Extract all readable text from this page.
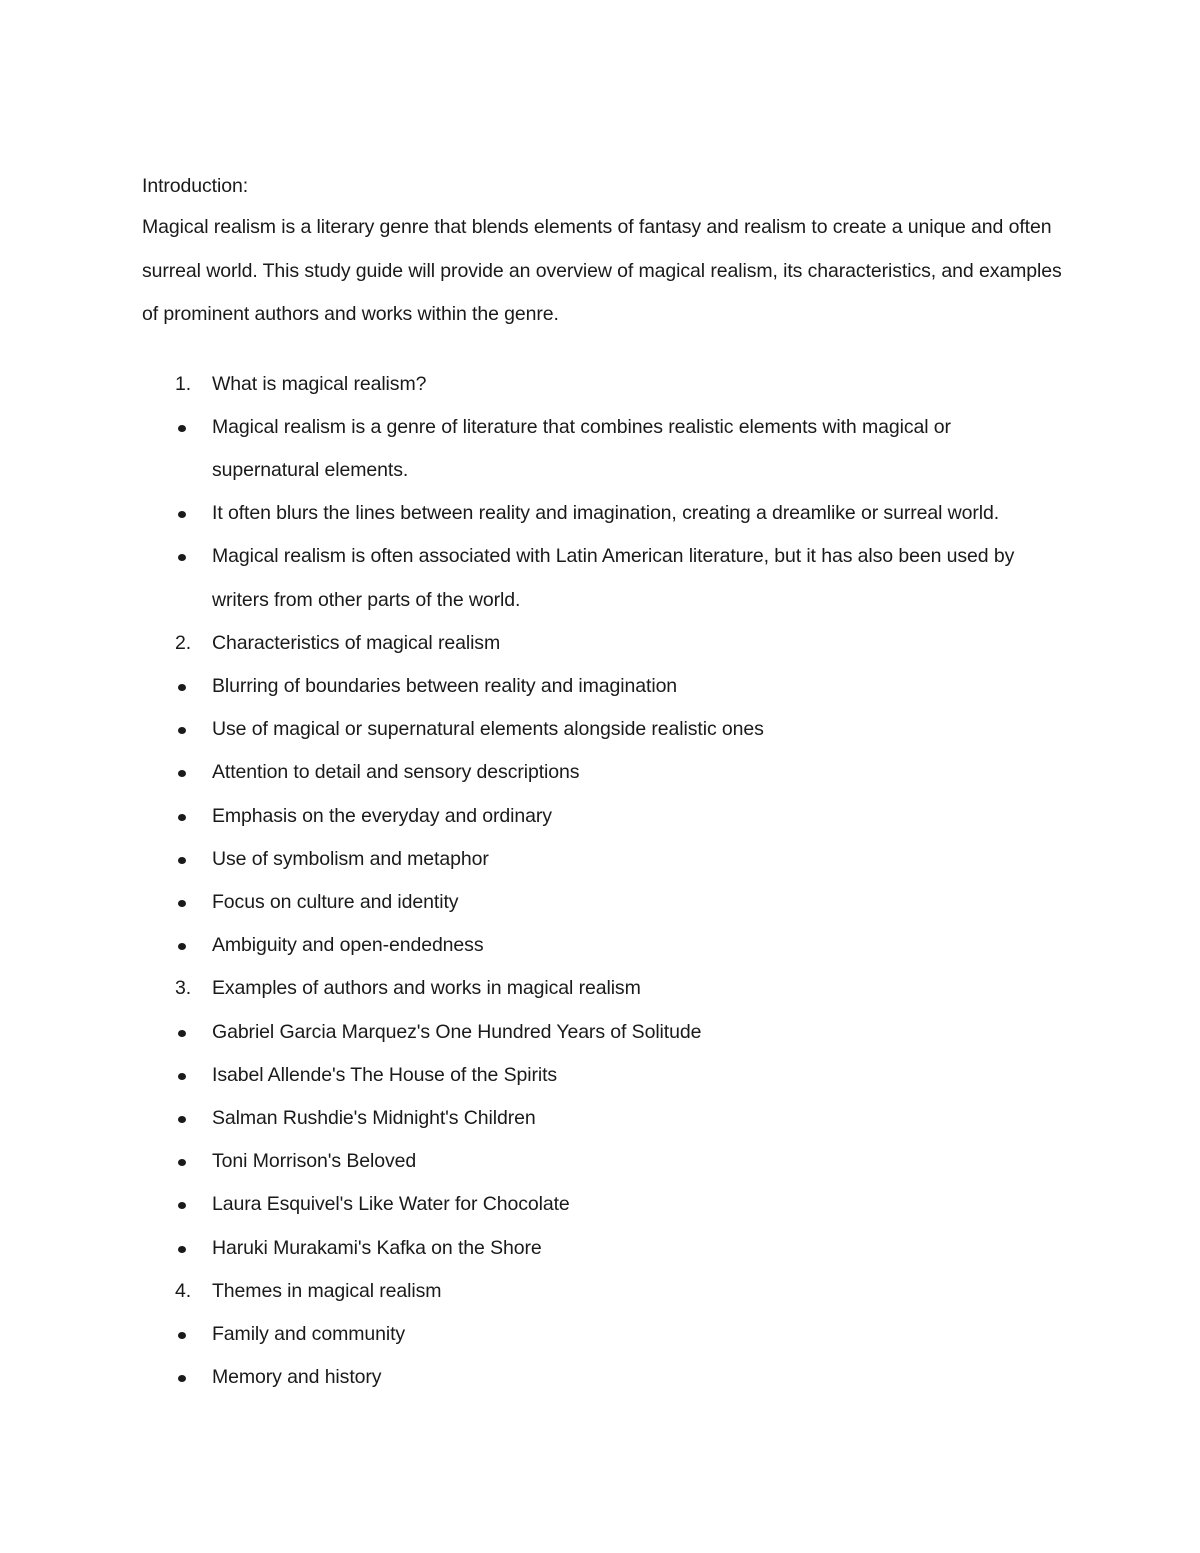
Introduction:

Magical realism is a literary genre that blends elements of fantasy and realism to create a unique and often surreal world. This study guide will provide an overview of magical realism, its characteristics, and examples of prominent authors and works within the genre.

1.	What is magical realism?
Magical realism is a genre of literature that combines realistic elements with magical or supernatural elements.
It often blurs the lines between reality and imagination, creating a dreamlike or surreal world.
Magical realism is often associated with Latin American literature, but it has also been used by writers from other parts of the world.
2.	Characteristics of magical realism
Blurring of boundaries between reality and imagination
Use of magical or supernatural elements alongside realistic ones
Attention to detail and sensory descriptions
Emphasis on the everyday and ordinary
Use of symbolism and metaphor
Focus on culture and identity
Ambiguity and open-endedness
3.	Examples of authors and works in magical realism
Gabriel Garcia Marquez's One Hundred Years of Solitude
Isabel Allende's The House of the Spirits
Salman Rushdie's Midnight's Children
Toni Morrison's Beloved
Laura Esquivel's Like Water for Chocolate
Haruki Murakami's Kafka on the Shore
4.	Themes in magical realism
Family and community
Memory and history
